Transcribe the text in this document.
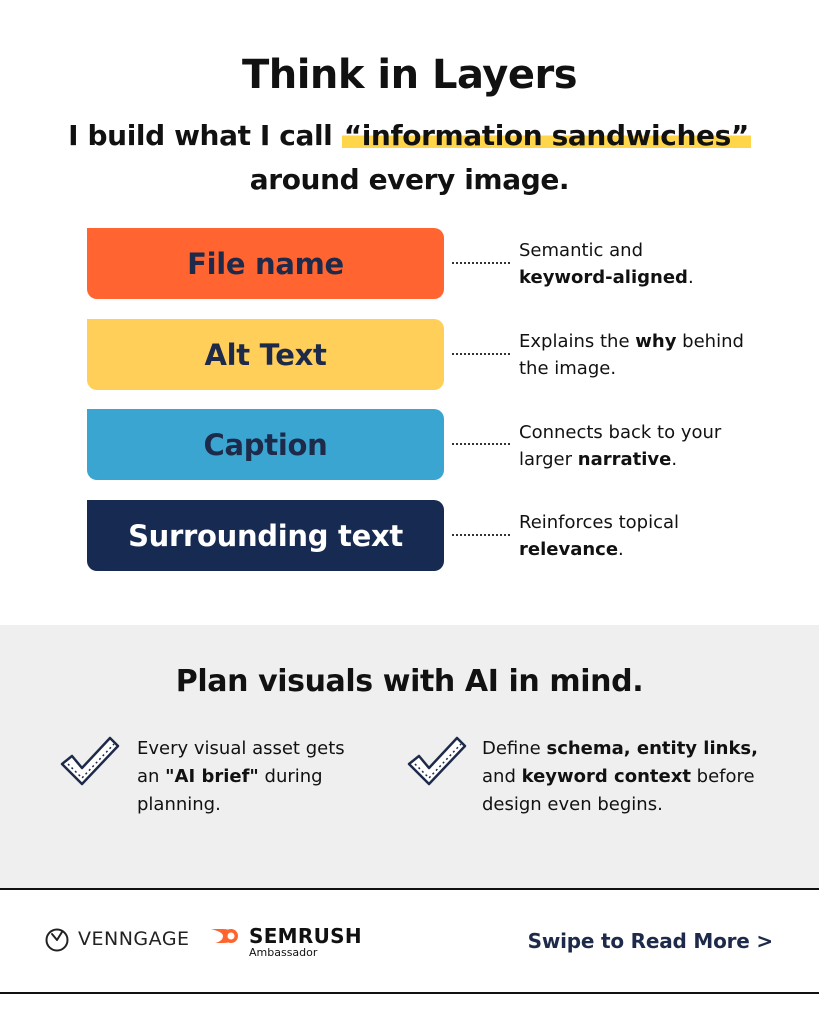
Think in Layers
I build what I call “information sandwiches”
around every image.
File name	Semantic and
keyword-aligned.
Alt Text	Explains the why behind the image.
Caption	Connects back to your larger narrative.
Surrounding text	Reinforces topical relevance.
Plan visuals with AI in mind.
Every visual asset gets an "AI brief" during planning.
Define schema, entity links, and keyword context before design even begins.
VENNGAGE	SEMRUSH
Ambassador	Swipe to Read More >
